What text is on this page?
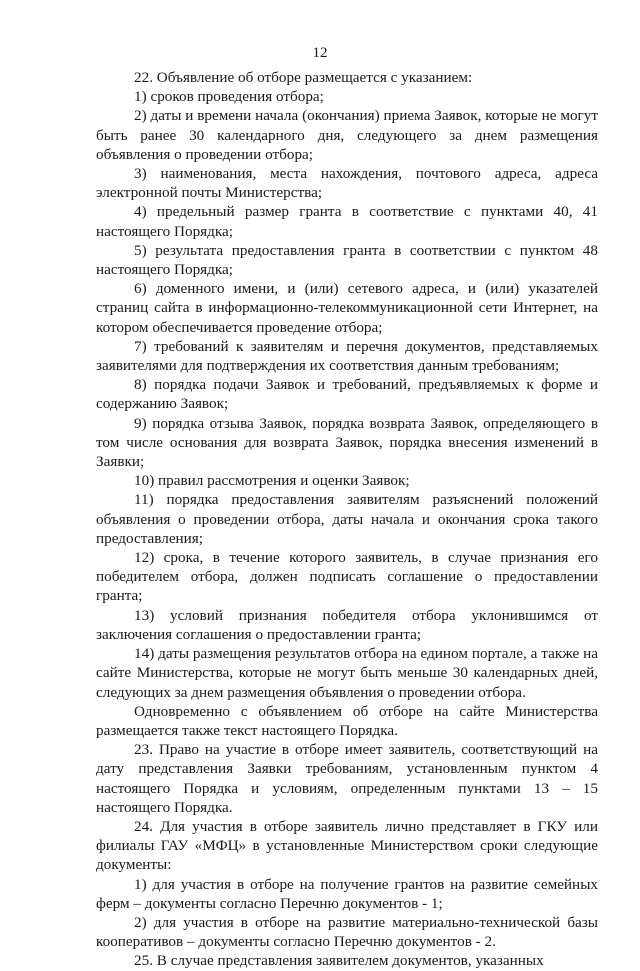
12

22. Объявление об отборе размещается с указанием:

1) сроков проведения отбора;

2) даты и времени начала (окончания) приема Заявок, которые не могут быть ранее 30 календарного дня, следующего за днем размещения объявления о проведении отбора;

3) наименования, места нахождения, почтового адреса, адреса электронной почты Министерства;

4) предельный размер гранта в соответствие с пунктами 40, 41 настоящего Порядка;

5) результата предоставления гранта в соответствии с пунктом 48 настоящего Порядка;

6) доменного имени, и (или) сетевого адреса, и (или) указателей страниц сайта в информационно-телекоммуникационной сети Интернет, на котором обеспечивается проведение отбора;

7) требований к заявителям и перечня документов, представляемых заявителями для подтверждения их соответствия данным требованиям;

8) порядка подачи Заявок и требований, предъявляемых к форме и содержанию Заявок;

9) порядка отзыва Заявок, порядка возврата Заявок, определяющего в том числе основания для возврата Заявок, порядка внесения изменений в Заявки;

10) правил рассмотрения и оценки Заявок;

11) порядка предоставления заявителям разъяснений положений объявления о проведении отбора, даты начала и окончания срока такого предоставления;

12) срока, в течение которого заявитель, в случае признания его победителем отбора, должен подписать соглашение о предоставлении гранта;

13) условий признания победителя отбора уклонившимся от заключения соглашения о предоставлении гранта;

14) даты размещения результатов отбора на едином портале, а также на сайте Министерства, которые не могут быть меньше 30 календарных дней, следующих за днем размещения объявления о проведении отбора.

Одновременно с объявлением об отборе на сайте Министерства размещается также текст настоящего Порядка.

23. Право на участие в отборе имеет заявитель, соответствующий на дату представления Заявки требованиям, установленным пунктом 4 настоящего Порядка и условиям, определенным пунктами 13 – 15 настоящего Порядка.

24. Для участия в отборе заявитель лично представляет в ГКУ или филиалы ГАУ «МФЦ» в установленные Министерством сроки следующие документы:

1) для участия в отборе на получение грантов на развитие семейных ферм – документы согласно Перечню документов - 1;

2) для участия в отборе на развитие материально-технической базы кооперативов – документы согласно Перечню документов - 2.

25. В случае представления заявителем документов, указанных
